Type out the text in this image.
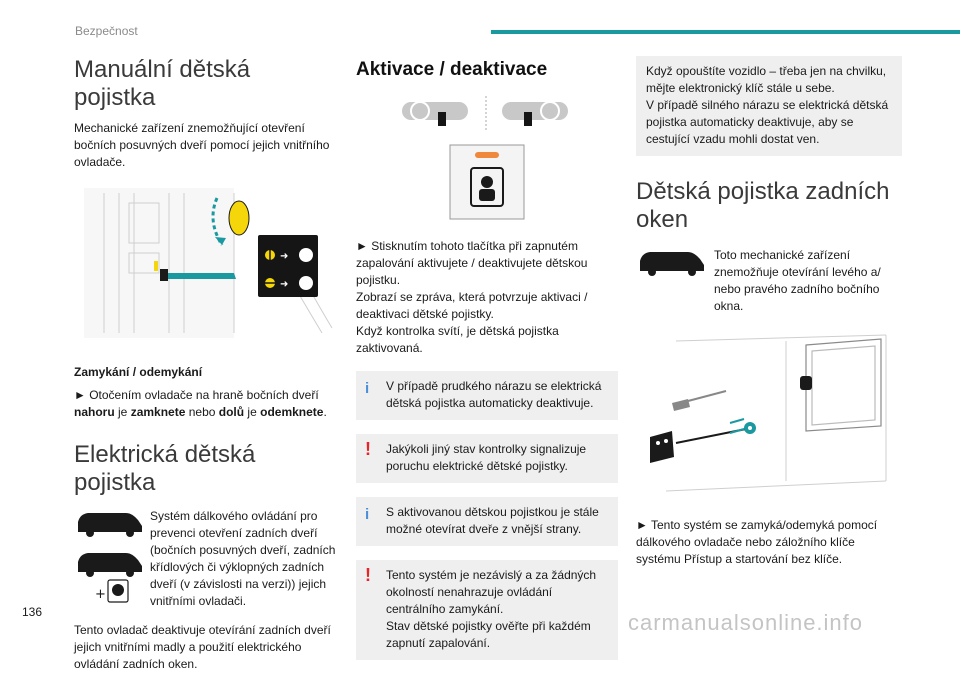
Bezpečnost
136	carmanualsonline.info
Manuální dětská pojistka

Mechanické zařízení znemožňující otevření bočních posuvných dveří pomocí jejich vnitřního ovladače.

➜
➜
Zamykání / odemykání

► Otočením ovladače na hraně bočních dveří nahoru je zamknete nebo dolů je odemknete.

Elektrická dětská pojistka
+

Systém dálkového ovládání pro prevenci otevření zadních dveří (bočních posuvných dveří, zadních křídlových či výklopných zadních dveří (v závislosti na verzi)) jejich vnitřními ovladači.

Tento ovladač deaktivuje otevírání zadních dveří jejich vnitřními madly a použití elektrického ovládání zadních oken.

Aktivace / deaktivace

► Stisknutím tohoto tlačítka při zapnutém zapalování aktivujete / deaktivujete dětskou pojistku.
Zobrazí se zpráva, která potvrzuje aktivaci / deaktivaci dětské pojistky.
Když kontrolka svítí, je dětská pojistka zaktivovaná.

i V případě prudkého nárazu se elektrická dětská pojistka automaticky deaktivuje.
! Jakýkoli jiný stav kontrolky signalizuje poruchu elektrické dětské pojistky.
i S aktivovanou dětskou pojistkou je stále možné otevírat dveře z vnější strany.
! Tento systém je nezávislý a za žádných okolností nenahrazuje ovládání centrálního zamykání.
Stav dětské pojistky ověřte při každém zapnutí zapalování.
Když opouštíte vozidlo – třeba jen na chvilku, mějte elektronický klíč stále u sebe.
V případě silného nárazu se elektrická dětská pojistka automaticky deaktivuje, aby se cestující vzadu mohli dostat ven.
Dětská pojistka zadních oken

Toto mechanické zařízení znemožňuje otevírání levého a/ nebo pravého zadního bočního okna.

► Tento systém se zamyká/odemyká pomocí dálkového ovladače nebo záložního klíče systému Přístup a startování bez klíče.
